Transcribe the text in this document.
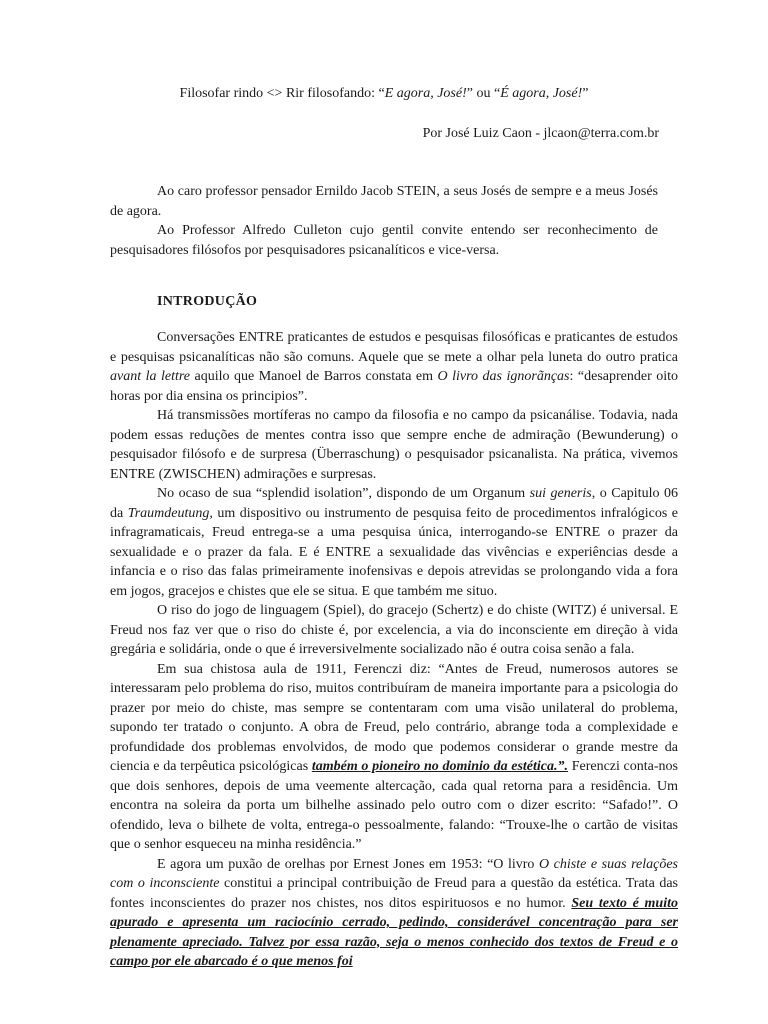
Filosofar rindo <> Rir filosofando: “E agora, José!” ou “É agora, José!”
Por José Luiz Caon - jlcaon@terra.com.br

Ao caro professor pensador Ernildo Jacob STEIN, a seus Josés de sempre e a meus Josés de agora.

Ao Professor Alfredo Culleton cujo gentil convite entendo ser reconhecimento de pesquisadores filósofos por pesquisadores psicanalíticos e vice-versa.

INTRODUÇÃO

Conversações ENTRE praticantes de estudos e pesquisas filosóficas e praticantes de estudos e pesquisas psicanalíticas não são comuns. Aquele que se mete a olhar pela luneta do outro pratica avant la lettre aquilo que Manoel de Barros constata em O livro das ignorãnças: “desaprender oito horas por dia ensina os principios”.

Há transmissões mortíferas no campo da filosofia e no campo da psicanálise. Todavia, nada podem essas reduções de mentes contra isso que sempre enche de admiração (Bewunderung) o pesquisador filósofo e de surpresa (Überraschung) o pesquisador psicanalista. Na prática, vivemos ENTRE (ZWISCHEN) admirações e surpresas.

No ocaso de sua “splendid isolation”, dispondo de um Organum sui generis, o Capitulo 06 da Traumdeutung, um dispositivo ou instrumento de pesquisa feito de procedimentos infralógicos e infragramaticais, Freud entrega-se a uma pesquisa única, interrogando-se ENTRE o prazer da sexualidade e o prazer da fala. E é ENTRE a sexualidade das vivências e experiências desde a infancia e o riso das falas primeiramente inofensivas e depois atrevidas se prolongando vida a fora em jogos, gracejos e chistes que ele se situa. E que também me situo.

O riso do jogo de linguagem (Spiel), do gracejo (Schertz) e do chiste (WITZ) é universal. E Freud nos faz ver que o riso do chiste é, por excelencia, a via do inconsciente em direção à vida gregária e solidária, onde o que é irreversivelmente socializado não é outra coisa senão a fala.

Em sua chistosa aula de 1911, Ferenczi diz: “Antes de Freud, numerosos autores se interessaram pelo problema do riso, muitos contribuíram de maneira importante para a psicologia do prazer por meio do chiste, mas sempre se contentaram com uma visão unilateral do problema, supondo ter tratado o conjunto. A obra de Freud, pelo contrário, abrange toda a complexidade e profundidade dos problemas envolvidos, de modo que podemos considerar o grande mestre da ciencia e da terpêutica psicológicas também o pioneiro no dominio da estética.”. Ferenczi conta-nos que dois senhores, depois de uma veemente altercação, cada qual retorna para a residência. Um encontra na soleira da porta um bilhelhe assinado pelo outro com o dizer escrito: “Safado!”. O ofendido, leva o bilhete de volta, entrega-o pessoalmente, falando: “Trouxe-lhe o cartão de visitas que o senhor esqueceu na minha residência.”

E agora um puxão de orelhas por Ernest Jones em 1953: “O livro O chiste e suas relações com o inconsciente constitui a principal contribuição de Freud para a questão da estética. Trata das fontes inconscientes do prazer nos chistes, nos ditos espirituosos e no humor. Seu texto é muito apurado e apresenta um raciocínio cerrado, pedindo, considerável concentração para ser plenamente apreciado. Talvez por essa razão, seja o menos conhecido dos textos de Freud e o campo por ele abarcado é o que menos foi
